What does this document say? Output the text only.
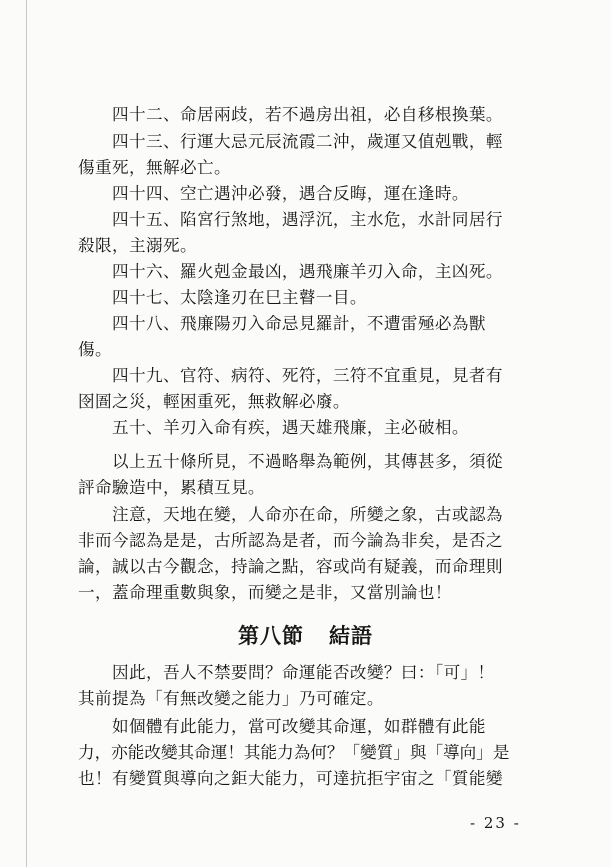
四十二、命居兩歧，若不過房出祖，必自移根換葉。
四十三、行運大忌元辰流霞二沖，歲運又值剋戰，輕
傷重死，無解必亡。
四十四、空亡遇沖必發，遇合反晦，運在逢時。
四十五、陷宮行煞地，遇浮沉，主水危，水計同居行
殺限，主溺死。
四十六、羅火剋金最凶，遇飛廉羊刃入命，主凶死。
四十七、太陰逢刃在巳主瞽一目。
四十八、飛廉陽刃入命忌見羅計，不遭雷殛必為獸
傷。
四十九、官符、病符、死符，三符不宜重見，見者有
囹圄之災，輕困重死，無救解必廢。
五十、羊刃入命有疾，遇天雄飛廉，主必破相。
以上五十條所見，不過略舉為範例，其傳甚多，須從
評命驗造中，累積互見。
注意，天地在變，人命亦在命，所變之象，古或認為
非而今認為是是，古所認為是者，而今論為非矣，是否之
論，誠以古今觀念，持論之點，容或尚有疑義，而命理則
一，蓋命理重數與象，而變之是非，又當別論也！
第八節 結語
因此，吾人不禁要問？命運能否改變？曰：「可」！
其前提為「有無改變之能力」乃可確定。
如個體有此能力，當可改變其命運，如群體有此能
力，亦能改變其命運！其能力為何？「變質」與「導向」是
也！有變質與導向之鉅大能力，可達抗拒宇宙之「質能變
- 23 -
